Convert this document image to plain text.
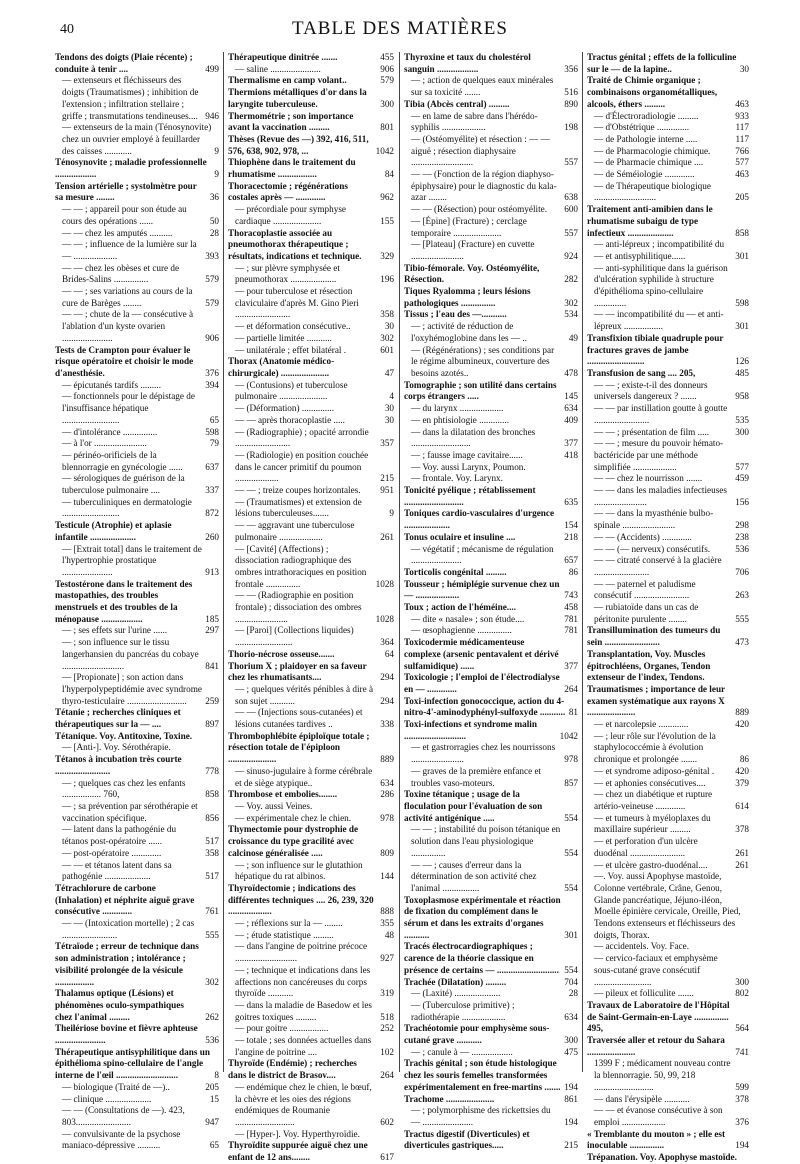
40	TABLE DES MATIÈRES
Tendons des doigts (Plaie récente) ; conduite à tenir ....	499
— extenseurs et fléchisseurs des doigts (Traumatismes) ; inhibition de l'extension ; infiltration stellaire ; griffe ; transmutations tendineuses.... 946
— extenseurs de la main (Ténosynovite) chez un ouvrier employé à feuillarder des caisses ............	9
Ténosynovite ; maladie professionnelle ..................	9
Tension artérielle ; systolmètre pour sa mesure ........	36
— — ; appareil pour son étude au cours des opérations ......	50
— — chez les amputés ..........	28
— — ; influence de la lumière sur la — ...................	393
— — chez les obèses et cure de Brides-Salins ...............	579
— — ; ses variations au cours de la cure de Barèges ........	579
— — ; chute de la — consécutive à l'ablation d'un kyste ovarien ......................	906
Tests de Crampton pour évaluer le risque opératoire et choisir le mode d'anesthésie.	376
— épicutanés tardifs .........	394
— fonctionnels pour le dépistage de l'insuffisance hépatique .........................	65
— d'intolérance ...............	598
— à l'or .......................	79
— périnéo-orificiels de la blennorragie en gynécologie ......	637
— sérologiques de guérison de la tuberculose pulmonaire ....	337
— tuberculiniques en dermatologie .........................	872
Testicule (Atrophie) et aplasie infantile ....................	260
— [Extrait total] dans le traitement de l'hypertrophie prostatique ......................	913
Testostérone dans le traitement des mastopathies, des troubles menstruels et des troubles de la ménopause ..................	185
— ; ses effets sur l'urine ......	297
— ; son influence sur le tissu langerhansien du pancréas du cobaye ...........................	841
— [Propionate] ; son action dans l'hyperpolypeptidémie avec syndrome thyro-testiculaire ..........................	259
Tétanie ; recherches cliniques et thérapeutiques sur la — ....	897
Tétanique. Voy. Antitoxine, Toxine.
— [Anti-]. Voy. Sérothérapie.
Tétanos à incubation très courte ........................	778
— ; quelques cas chez les enfants ................. 760,	858
— ; sa prévention par sérothérapie et vaccination spécifique.	856
— latent dans la pathogénie du tétanos post-opératoire ......	517
— post-opératoire .............	358
— — et tétanos latent dans sa pathogénie ....................	517
Tétrachlorure de carbone (Inhalation) et néphrite aiguë grave consécutive .............	761
— — (Intoxication mortelle) ; 2 cas ........................	555
Tétraïode ; erreur de technique dans son administration ; intolérance ; visibilité prolongée de la vésicule .................	302
Thalamus optique (Lésions) et phénomènes oculo-sympathiques chez l'animal .........	262
Theilériose bovine et fièvre aphteuse ......................	536
Thérapeutique antisyphilitique dans un épithélioma spino-cellulaire de l'angle interne de l'œil ...........................	8
— biologique (Traité de —)..	205
— clinique ....................	15
— — (Consultations de —). 423, 803........................	947
— convulsivante de la psychose maniaco-dépressive ..........	65
Thérapeutique dinitrée .......	455
— saline ......................	906
Thermalisme en camp volant..	579
Thermions métalliques d'or dans la laryngite tuberculeuse.	300
Thermométrie ; son importance avant la vaccination .........	801
Thèses (Revue des —) 392, 416, 511, 576, 638, 902, 978, ...	1042
Thiophène dans le traitement du rhumatisme .................	84
Thoracectomie ; régénérations costales après — .............	962
— précordiale pour symphyse cardiaque .....................	155
Thoracoplastie associée au pneumothorax thérapeutique ; résultats, indications et technique.	329
— ; sur plèvre symphysée et pneumothorax ....................	196
— pour tuberculose et résection claviculaire d'après M. Gino Pieri ........................	358
— et déformation consécutive..	30
— partielle limitée ...........	302
— unilatérale ; effet bilatéral .	601
Thorax (Anatomie médico-chirurgicale) .....................	47
— (Contusions) et tuberculose pulmonaire .....................	4
— (Déformation) ..............	30
— — après thoracoplastie .....	30
— (Radiographie) ; opacité arrondie ........................	357
— (Radiologie) en position couchée dans le cancer primitif du poumon ...................	215
— — ; treize coupes horizontales.	951
— (Traumatismes) et extension de lésions tuberculeuses.......	9
— — aggravant une tuberculose pulmonaire ...................	261
— [Cavité] (Affections) ; dissociation radiographique des ombres intrathoraciques en position frontale ...............	1028
— — (Radiographie en position frontale) ; dissociation des ombres .......................	1028
— [Paroi] (Collections liquides) .........................	364
Thorio-nécrose osseuse.......	64
Thorium X ; plaidoyer en sa faveur chez les rhumatisants....	294
— ; quelques vérités pénibles à dire à son sujet ...........	294
— — (Injections sous-cutanées) et lésions cutanées tardives ..	338
Thrombophlébite épiploïque totale ; résection totale de l'épiploon .....................	889
— sinuso-jugulaire à forme cérébrale et de siège atypique..	634
Thrombose et embolies........	286
— Voy. aussi Veines.
— expérimentale chez le chien.	978
Thymectomie pour dystrophie de croissance du type gracilité avec calcinose généralisée .....	809
— ; son influence sur le glutathion hépatique du rat albinos.	144
Thyroïdectomie ; indications des différentes techniques .... 26, 239, 320 ...................	888
— ; réflexions sur la — ........	355
— ; étude statistique .........	48
— dans l'angine de poitrine précoce ...........................	927
— ; technique et indications dans les affections non cancéreuses du corps thyroïde ...........	319
— dans la maladie de Basedow et les goitres toxiques .........	518
— pour goitre .................	252
— totale ; ses données actuelles dans l'angine de poitrine ....	102
Thyroïde (Endémie) ; recherches dans le district de Brasov....	264
— endémique chez le chien, le bœuf, la chèvre et les oies des régions endémiques de Roumanie ..........................	602
— [Hyper-]. Voy. Hyperthyroïdie.
Thyroïdite suppurée aiguë chez une enfant de 12 ans........	617
Thyroxine et taux du cholestérol sanguin ..................	356
— ; action de quelques eaux minérales sur sa toxicité .......	516
Tibia (Abcès central) .........	890
— en lame de sabre dans l'hérédo-syphilis ...................	198
— (Ostéomyélite) et résection : — — aiguë ; résection diaphysaire ...........................	557
— — (Fonction de la région diaphyso-épiphysaire) pour le diagnostic du kala-azar ........	638
— — (Résection) pour ostéomyélite.	600
— [Épine] (Fracture) ; cerclage temporaire .....................	557
— [Plateau] (Fracture) en cuvette .......................	924
Tibio-fémorale. Voy. Ostéomyélite, Résection.	282
Tiques Ryalomma ; leurs lésions pathologiques ...............	302
Tissus ; l'eau des —...........	534
— ; activité de réduction de l'oxyhémoglobine dans les — ..	49
— (Régénérations) ; ses conditions par le régime albumineux, couverture des besoins azotés..	478
Tomographie ; son utilité dans certains corps étrangers .....	145
— du larynx ...................	634
— en phtisiologie .............	409
— dans la dilatation des bronches ..........................	377
— ; fausse image cavitaire......	418
— Voy. aussi Larynx, Poumon.
— frontale. Voy. Larynx.
Tonicité pyélique ; rétablissement ..........................	635
Toniques cardio-vasculaires d'urgence ....................	154
Tonus oculaire et insuline ....	218
— végétatif ; mécanisme de régulation ......................	657
Torticolis congénital .........	86
Tousseur ; hémiplégie survenue chez un — ...................	743
Toux ; action de l'héméine....	458
— dite « nasale» ; son étude....	781
— œsophagienne ...............	781
Toxicodermie médicamenteuse complexe (arsenic pentavalent et dérivé sulfamidique) ......	377
Toxicologie ; l'emploi de l'électrodialyse en — .............	264
Toxi-infection gonococcique, action du 4-nitro-4'-aminodyphényl-sulfoxyde ........... 81
Toxi-infections et syndrome malin ...........................	1042
— et gastrorragies chez les nourrissons .......................	978
— graves de la première enfance et troubles vaso-moteurs.	857
Toxine tétanique ; usage de la floculation pour l'évaluation de son activité antigénique .....	554
— — ; instabilité du poison tétanique en solution dans l'eau physiologique ...............	554
— — ; causes d'erreur dans la détermination de son activité chez l'animal ................	554
Toxoplasmose expérimentale et réaction de fixation du complément dans le sérum et dans les extraits d'organes ...........	301
Tracés électrocardiographiques ; carence de la théorie classique en présence de certains — ........................... 554
Trachée (Dilatation) .........	704
— (Laxité) ....................	28
— (Tuberculose primitive) ; radiothérapie ...................	634
Trachéotomie pour emphysème sous-cutané grave ...........	300
— ; canule à — ..................	475
Trachis génital ; son étude histologique chez les souris femelles transformées expérimentalement en free-martins ....... 194
Trachome .....................	861
— ; polymorphisme des rickettsies du — ......................	194
Tractus digestif (Diverticules) et diverticules gastriques.....	215
Tractus génital ; effets de la folliculine sur le — de la lapine..	30
Traité de Chimie organique ; combinaisons organométalliques, alcools, éthers .........	463
— d'Électroradiologie .........	933
— d'Obstétrique ..............	117
— de Pathologie interne .....	117
— de Pharmacologie chimique.	766
— de Pharmacie chimique ....	577
— de Séméiologie .............	463
— de Thérapeutique biologique ...........................	205
Traitement anti-amibien dans le rhumatisme subaigu de type infectieux ....................	858
— anti-lépreux ; incompatibilité du — et antisyphilitique......	301
— anti-syphilitique dans la guérison d'ulcération syphilide à structure d'épithélioma spino-cellulaire ..............	598
— — incompatibilité du — et anti-lépreux .................	301
Transfixion tibiale quadruple pour fractures graves de jambe .........................	126
Transfusion de sang .... 205,	485
— — ; existe-t-il des donneurs universels dangereux ? .......	958
— — par instillation goutte à goutte ........................	535
— — ; présentation de film .....	300
— — ; mesure du pouvoir hémato-bactéricide par une méthode simplifiée ...................	577
— — chez le nourrisson .......	459
— — dans les maladies infectieuses .......................	156
— — dans la myasthénie bulbo-spinale .......................	298
— — (Accidents) .............	238
— — (— nerveux) consécutifs.	536
— — citraté conservé à la glacière ........................	706
— — paternel et paludisme consécutif ........................	263
— rubiatoïde dans un cas de péritonite purulente ........	555
Transillumination des tumeurs du sein ........................	473
Transplantation, Voy. Muscles épitrochléens, Organes, Tendon extenseur de l'index, Tendons.
Traumatismes ; importance de leur examen systématique aux rayons X .....................	889
— et narcolepsie .............	420
— ; leur rôle sur l'évolution de la staphylococcémie à évolution chronique et prolongée .......	86
— et syndrome adiposo-génital .	420
— et aphonies consécutives....	379
— chez un diabétique et rupture artério-veineuse .............	614
— et tumeurs à myéloplaxes du maxillaire supérieur .........	378
— et perforation d'un ulcère duodénal ........................	261
— et ulcère gastro-duodénal....	261
—. Voy. aussi Apophyse mastoïde, Colonne vertébrale, Crâne, Genou, Glande pancréatique, Jéjuno-iléon, Moelle épinière cervicale, Oreille, Pied, Tendons extenseurs et fléchisseurs des doigts, Thorax.
— accidentels. Voy. Face.
— cervico-faciaux et emphysème sous-cutané grave consécutif .........................	300
— pileux et folliculite .......	802
Travaux de Laboratoire de l'Hôpital de Saint-Germain-en-Laye ............... 495,	564
Traversée aller et retour du Sahara .....................	741
1399 F ; médicament nouveau contre la blennorragie. 50, 99, 218 ..........................	599
— dans l'érysipèle ...........	378
— — et évanose consécutive à son emploi ...................	376
« Tremblante du mouton » ; elle est inoculable ...............	194
Trépanation. Voy. Apophyse mastoïde.
